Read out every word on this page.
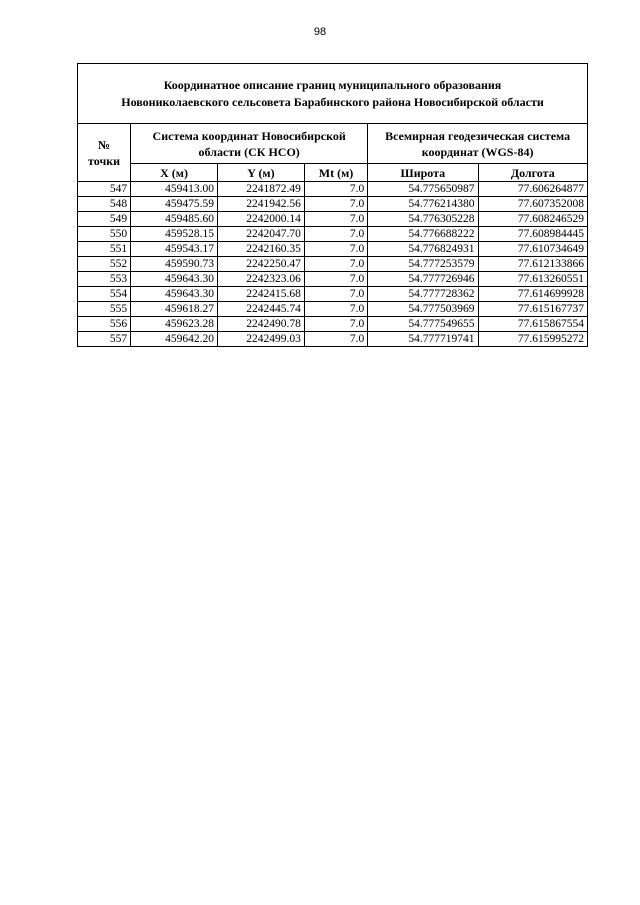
98
Координатное описание границ муниципального образования
Новониколаевского сельсовета Барабинского района Новосибирской области					

№
точки	Система координат Новосибирской области (СК НСО)			Всемирная геодезическая система координат (WGS-84)	
	X (м)	Y (м)	Mt (м)	Широта	Долгота
547	459413.00	2241872.49	7.0	54.775650987	77.606264877
548	459475.59	2241942.56	7.0	54.776214380	77.607352008
549	459485.60	2242000.14	7.0	54.776305228	77.608246529
550	459528.15	2242047.70	7.0	54.776688222	77.608984445
551	459543.17	2242160.35	7.0	54.776824931	77.610734649
552	459590.73	2242250.47	7.0	54.777253579	77.612133866
553	459643.30	2242323.06	7.0	54.777726946	77.613260551
554	459643.30	2242415.68	7.0	54.777728362	77.614699928
555	459618.27	2242445.74	7.0	54.777503969	77.615167737
556	459623.28	2242490.78	7.0	54.777549655	77.615867554
557	459642.20	2242499.03	7.0	54.777719741	77.615995272
